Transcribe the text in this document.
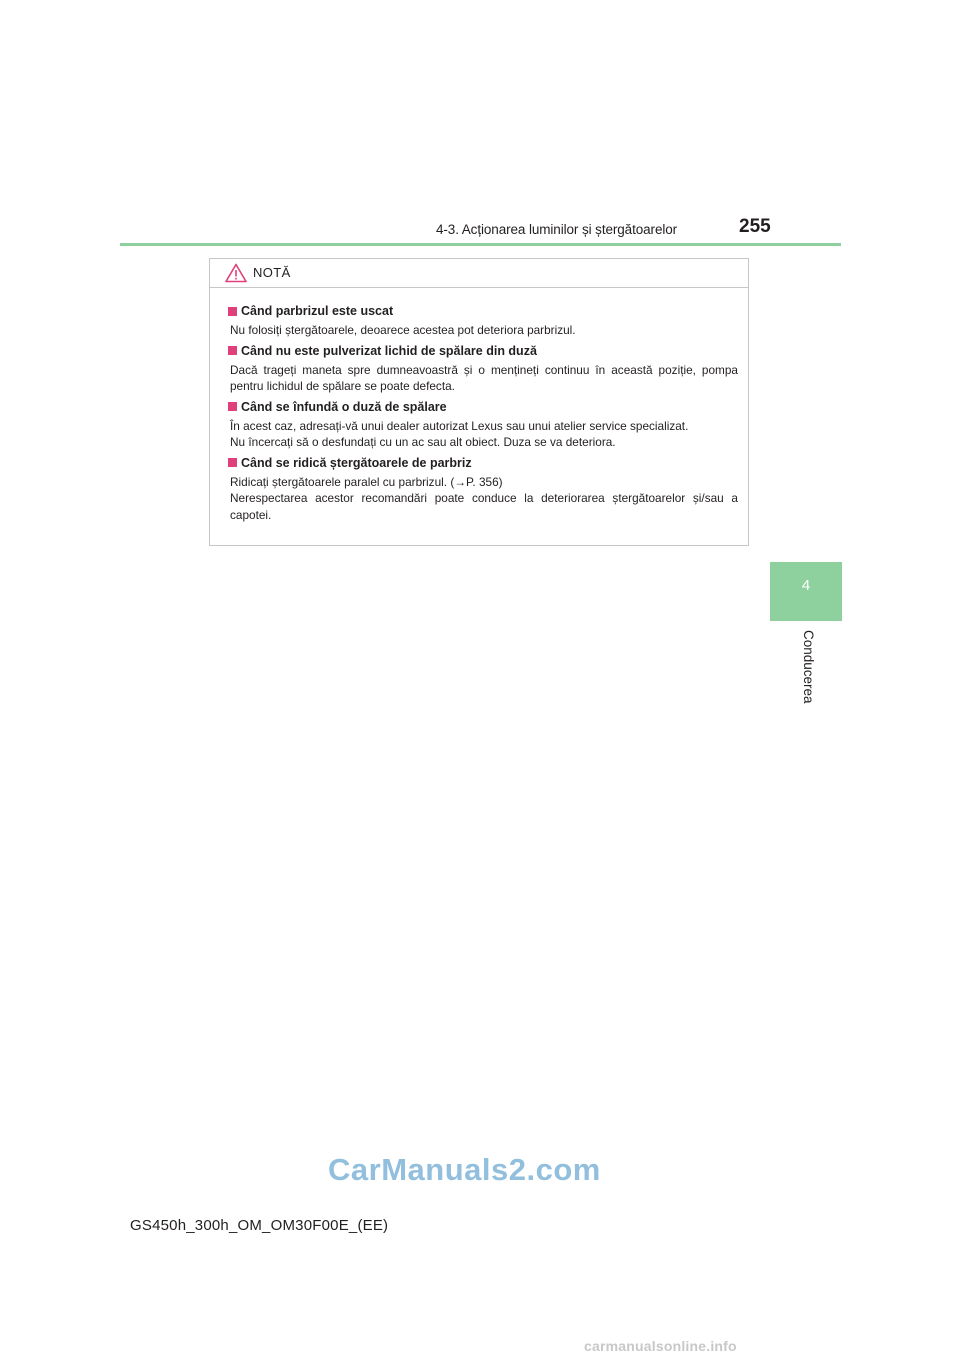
4-3. Acționarea luminilor și ștergătoarelor	255
4
Conducerea
NOTĂ
Când parbrizul este uscat

Nu folosiți ștergătoarele, deoarece acestea pot deteriora parbrizul.

Când nu este pulverizat lichid de spălare din duză

Dacă trageți maneta spre dumneavoastră și o mențineți continuu în această poziție, pompa pentru lichidul de spălare se poate defecta.

Când se înfundă o duză de spălare

În acest caz, adresați-vă unui dealer autorizat Lexus sau unui atelier service specializat.

Nu încercați să o desfundați cu un ac sau alt obiect. Duza se va deteriora.

Când se ridică ștergătoarele de parbriz

Ridicați ștergătoarele paralel cu parbrizul. (→P. 356)

Nerespectarea acestor recomandări poate conduce la deteriorarea ștergătoarelor și/sau a capotei.

CarManuals2.com
GS450h_300h_OM_OM30F00E_(EE)
carmanualsonline.info
